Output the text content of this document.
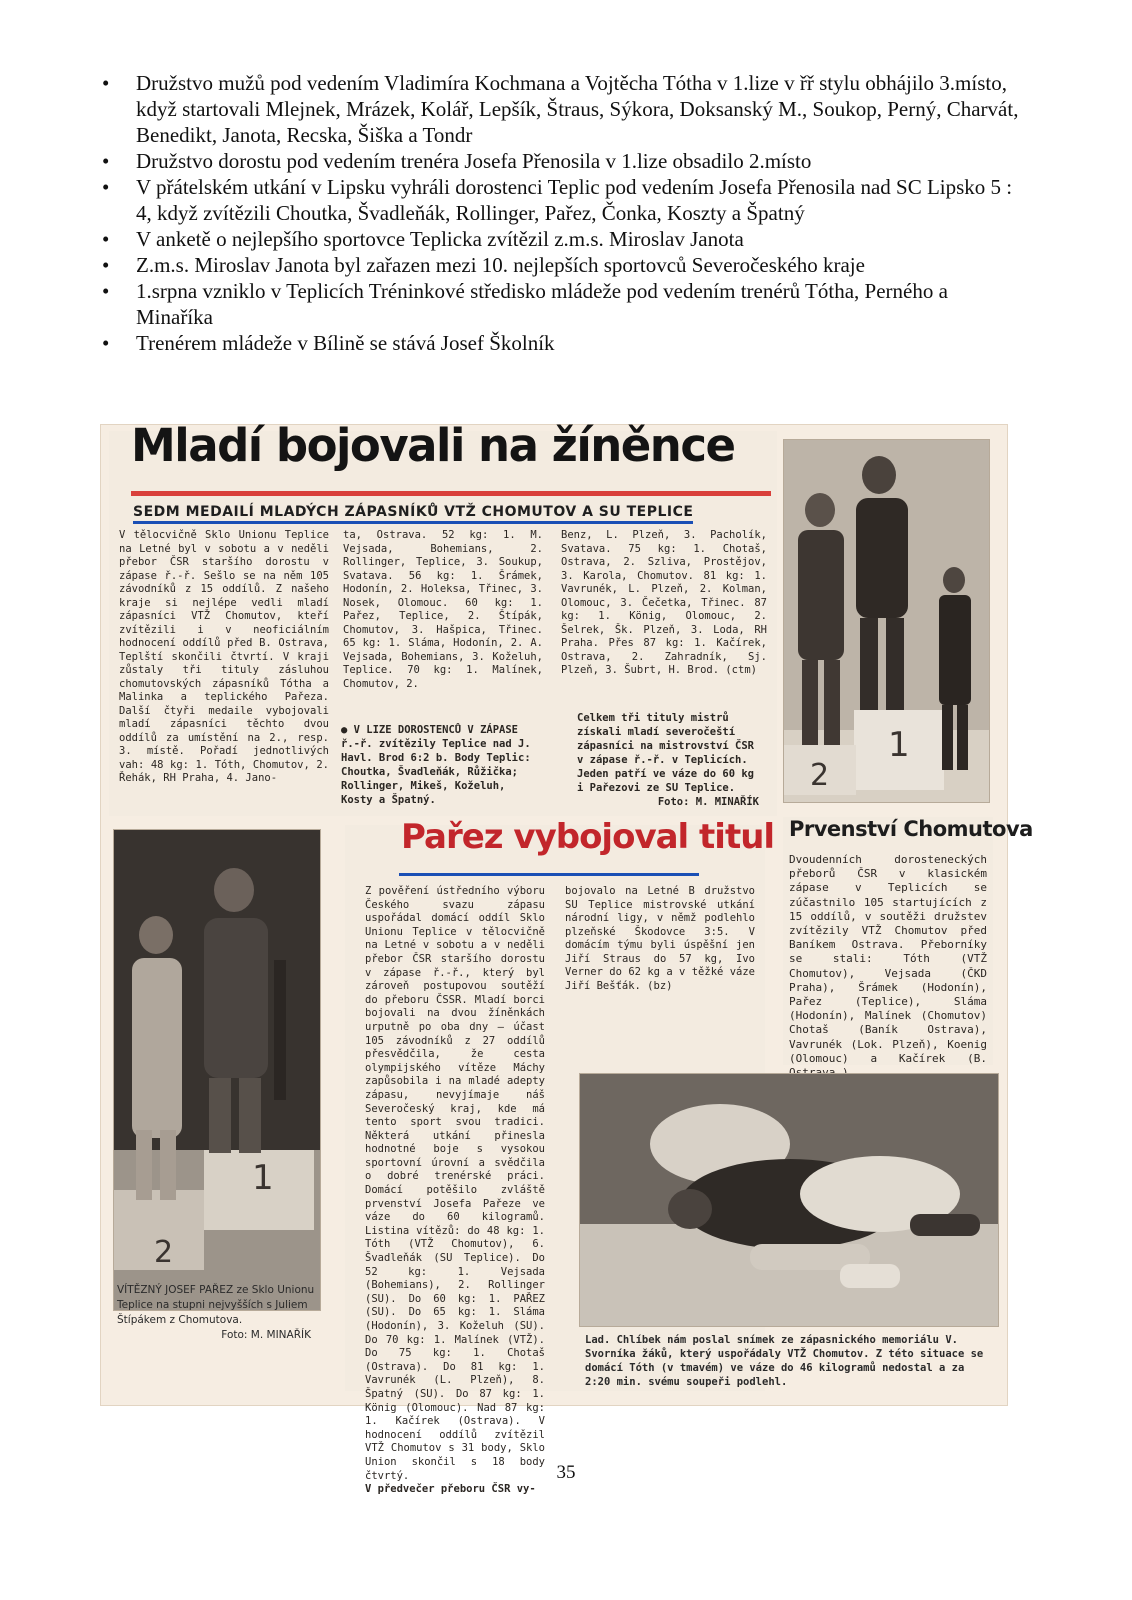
• Družstvo mužů pod vedením Vladimíra Kochmana a Vojtěcha Tótha v 1.lize v řř stylu obhájilo 3.místo, když startovali Mlejnek, Mrázek, Kolář, Lepšík, Štraus, Sýkora, Doksanský M., Soukop, Perný, Charvát, Benedikt, Janota, Recska, Šiška a Tondr
• Družstvo dorostu pod vedením trenéra Josefa Přenosila v 1.lize obsadilo 2.místo
• V přátelském utkání v Lipsku vyhráli dorostenci Teplic pod vedením Josefa Přenosila nad SC Lipsko 5 : 4, když zvítězili Choutka, Švadleňák, Rollinger, Pařez, Čonka, Koszty a Špatný
• V anketě o nejlepšího sportovce Teplicka zvítězil z.m.s. Miroslav Janota
• Z.m.s. Miroslav Janota byl zařazen mezi 10. nejlepších sportovců Severočeského kraje
• 1.srpna vzniklo v Teplicích Tréninkové středisko mládeže pod vedením trenérů Tótha, Perného a Minaříka
• Trenérem mládeže v Bílině se stává Josef Školník
Mladí bojovali na žíněnce
SEDM MEDAILÍ MLADÝCH ZÁPASNÍKŮ VTŽ CHOMUTOV A SU TEPLICE
V tělocvičně Sklo Unionu Teplice na Letné byl v sobotu a v neděli přebor ČSR staršího dorostu v zápase ř.-ř. Sešlo se na něm 105 závodníků z 15 oddílů. Z našeho kraje si nejlépe vedli mladí zápasníci VTŽ Chomutov, kteří zvítězili i v neoficiálním hodnocení oddílů před B. Ostrava, Teplští skončili čtvrtí. V kraji zůstaly tři tituly zásluhou chomutovských zápasníků Tótha a Malinka a teplického Pařeza. Další čtyři medaile vybojovali mladí zápasníci těchto dvou oddílů za umístění na 2., resp. 3. místě. Pořadí jednotlivých vah: 48 kg: 1. Tóth, Chomutov, 2. Řehák, RH Praha, 4. Jano-
ta, Ostrava. 52 kg: 1. M. Vejsada, Bohemians, 2. Rollinger, Teplice, 3. Soukup, Svatava. 56 kg: 1. Šrámek, Hodonín, 2. Holeksa, Třinec, 3. Nosek, Olomouc. 60 kg: 1. Pařez, Teplice, 2. Štípák, Chomutov, 3. Hašpica, Třinec. 65 kg: 1. Sláma, Hodonín, 2. A. Vejsada, Bohemians, 3. Koželuh, Teplice. 70 kg: 1. Malínek, Chomutov, 2.
Benz, L. Plzeň, 3. Pacholík, Svatava. 75 kg: 1. Chotaš, Ostrava, 2. Szliva, Prostějov, 3. Karola, Chomutov. 81 kg: 1. Vavrunék, L. Plzeň, 2. Kolman, Olomouc, 3. Čečetka, Třinec. 87 kg: 1. König, Olomouc, 2. Šelrek, Šk. Plzeň, 3. Loda, RH Praha. Přes 87 kg: 1. Kačírek, Ostrava, 2. Zahradník, Sj. Plzeň, 3. Šubrt, H. Brod. (ctm)
● V LIZE DOROSTENCŮ V ZÁPASE ř.-ř. zvítězily Teplice nad J. Havl. Brod 6:2 b. Body Teplic: Choutka, Švadleňák, Růžička; Rollinger, Mikeš, Koželuh, Kosty a Špatný.
Celkem tři tituly mistrů získali mladí severočeští zápasníci na mistrovství ČSR v zápase ř.-ř. v Teplicích. Jeden patří ve váze do 60 kg i Pařezovi ze SU Teplice.
Foto: M. MINAŘÍK
1
2
1
2
VÍTĚZNÝ JOSEF PAŘEZ ze Sklo Unionu Teplice na stupni nejvyšších s Juliem Štípákem z Chomutova.
Foto: M. MINAŘÍK
Pařez vybojoval titul
Z pověření ústředního výboru Českého svazu zápasu uspořádal domácí oddíl Sklo Unionu Teplice v tělocvičně na Letné v sobotu a v neděli přebor ČSR staršího dorostu v zápase ř.-ř., který byl zároveň postupovou soutěží do přeboru ČSSR. Mladí borci bojovali na dvou žíněnkách urputně po oba dny — účast 105 závodníků z 27 oddílů přesvědčila, že cesta olympijského vítěze Máchy zapůsobila i na mladé adepty zápasu, nevyjímaje náš Severočeský kraj, kde má tento sport svou tradici. Některá utkání přinesla hodnotné boje s vysokou sportovní úrovní a svědčila o dobré trenérské práci. Domácí potěšilo zvláště prvenství Josefa Pařeze ve váze do 60 kilogramů. Listina vítězů: do 48 kg: 1. Tóth (VTŽ Chomutov), 6. Švadleňák (SU Teplice). Do 52 kg: 1. Vejsada (Bohemians), 2. Rollinger (SU). Do 60 kg: 1. PAŘEZ (SU). Do 65 kg: 1. Sláma (Hodonín), 3. Koželuh (SU). Do 70 kg: 1. Malínek (VTŽ). Do 75 kg: 1. Chotaš (Ostrava). Do 81 kg: 1. Vavrunék (L. Plzeň), 8. Špatný (SU). Do 87 kg: 1. König (Olomouc). Nad 87 kg: 1. Kačírek (Ostrava). V hodnocení oddílů zvítězil VTŽ Chomutov s 31 body, Sklo Union skončil s 18 body čtvrtý.
V předvečer přeboru ČSR vy-
bojovalo na Letné B družstvo SU Teplice mistrovské utkání národní ligy, v němž podlehlo plzeňské Škodovce 3:5. V domácím týmu byli úspěšní jen Jiří Straus do 57 kg, Ivo Verner do 62 kg a v těžké váze Jiří Bešťák. (bz)
Prvenství Chomutova
Dvoudenních dorosteneckých přeborů ČSR v klasickém zápase v Teplicích se zúčastnilo 105 startujících z 15 oddílů, v soutěži družstev zvítězily VTŽ Chomutov před Baníkem Ostrava. Přeborníky se stali: Tóth (VTŽ Chomutov), Vejsada (ČKD Praha), Šrámek (Hodonín), Pařez (Teplice), Sláma (Hodonín), Malínek (Chomutov) Chotaš (Baník Ostrava), Vavrunék (Lok. Plzeň), Koenig (Olomouc) a Kačírek (B.
Lad. Chlíbek nám poslal snímek ze zápasnického memoriálu V. Svorníka žáků, který uspořádaly VTŽ Chomutov. Z této situace se domácí Tóth (v tmavém) ve váze do 46 kilogramů nedostal a za 2:20 min. svému soupeři podlehl.
35
